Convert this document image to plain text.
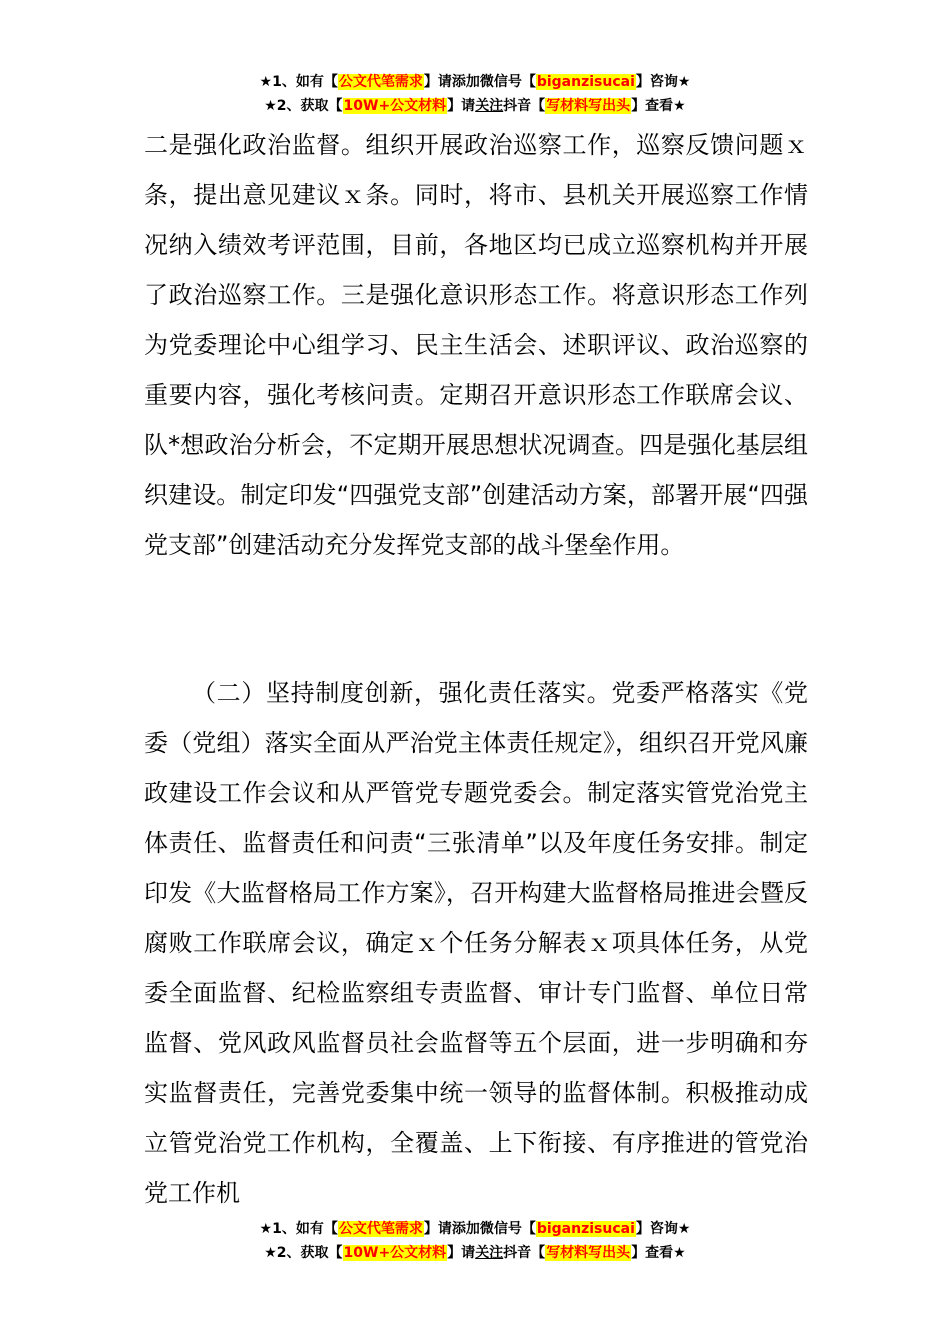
★1、如有【公文代笔需求】请添加微信号【biganzisucai】咨询★
★2、获取【10W+公文材料】请关注抖音【写材料写出头】查看★

二是强化政治监督。组织开展政治巡察工作，巡察反馈问题ｘ条，提出意见建议ｘ条。同时，将市、县机关开展巡察工作情况纳入绩效考评范围，目前，各地区均已成立巡察机构并开展了政治巡察工作。三是强化意识形态工作。将意识形态工作列为党委理论中心组学习、民主生活会、述职评议、政治巡察的重要内容，强化考核问责。定期召开意识形态工作联席会议、队*想政治分析会，不定期开展思想状况调查。四是强化基层组织建设。制定印发“四强党支部”创建活动方案，部署开展“四强党支部”创建活动充分发挥党支部的战斗堡垒作用。

（二）坚持制度创新，强化责任落实。党委严格落实《党委（党组）落实全面从严治党主体责任规定》，组织召开党风廉政建设工作会议和从严管党专题党委会。制定落实管党治党主体责任、监督责任和问责“三张清单”以及年度任务安排。制定印发《大监督格局工作方案》，召开构建大监督格局推进会暨反腐败工作联席会议，确定ｘ个任务分解表ｘ项具体任务，从党委全面监督、纪检监察组专责监督、审计专门监督、单位日常监督、党风政风监督员社会监督等五个层面，进一步明确和夯实监督责任，完善党委集中统一领导的监督体制。积极推动成立管党治党工作机构，全覆盖、上下衔接、有序推进的管党治党工作机

★1、如有【公文代笔需求】请添加微信号【biganzisucai】咨询★
★2、获取【10W+公文材料】请关注抖音【写材料写出头】查看★
